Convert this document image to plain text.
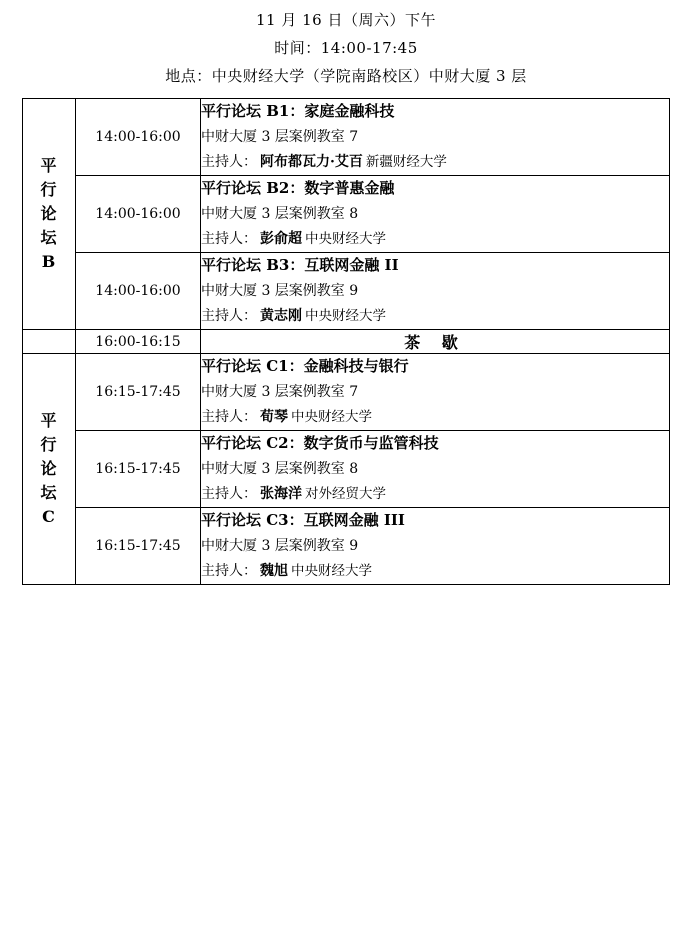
11 月 16 日（周六）下午
时间：14:00-17:45
地点：中央财经大学（学院南路校区）中财大厦 3 层
平行论坛 B	14:00-16:00	平行论坛 B1：家庭金融科技
中财大厦 3 层案例教室 7
主持人： 阿布都瓦力·艾百 新疆财经大学

	14:00-16:00	平行论坛 B2：数字普惠金融
中财大厦 3 层案例教室 8
主持人： 彭俞超 中央财经大学

	14:00-16:00	平行论坛 B3：互联网金融 II
中财大厦 3 层案例教室 9
主持人： 黄志刚 中央财经大学

	16:00-16:15	茶 歇

平行论坛 C	16:15-17:45	平行论坛 C1：金融科技与银行
中财大厦 3 层案例教室 7
主持人： 荀琴 中央财经大学

	16:15-17:45	平行论坛 C2：数字货币与监管科技
中财大厦 3 层案例教室 8
主持人： 张海洋 对外经贸大学

	16:15-17:45	平行论坛 C3：互联网金融 III
中财大厦 3 层案例教室 9
主持人： 魏旭 中央财经大学
